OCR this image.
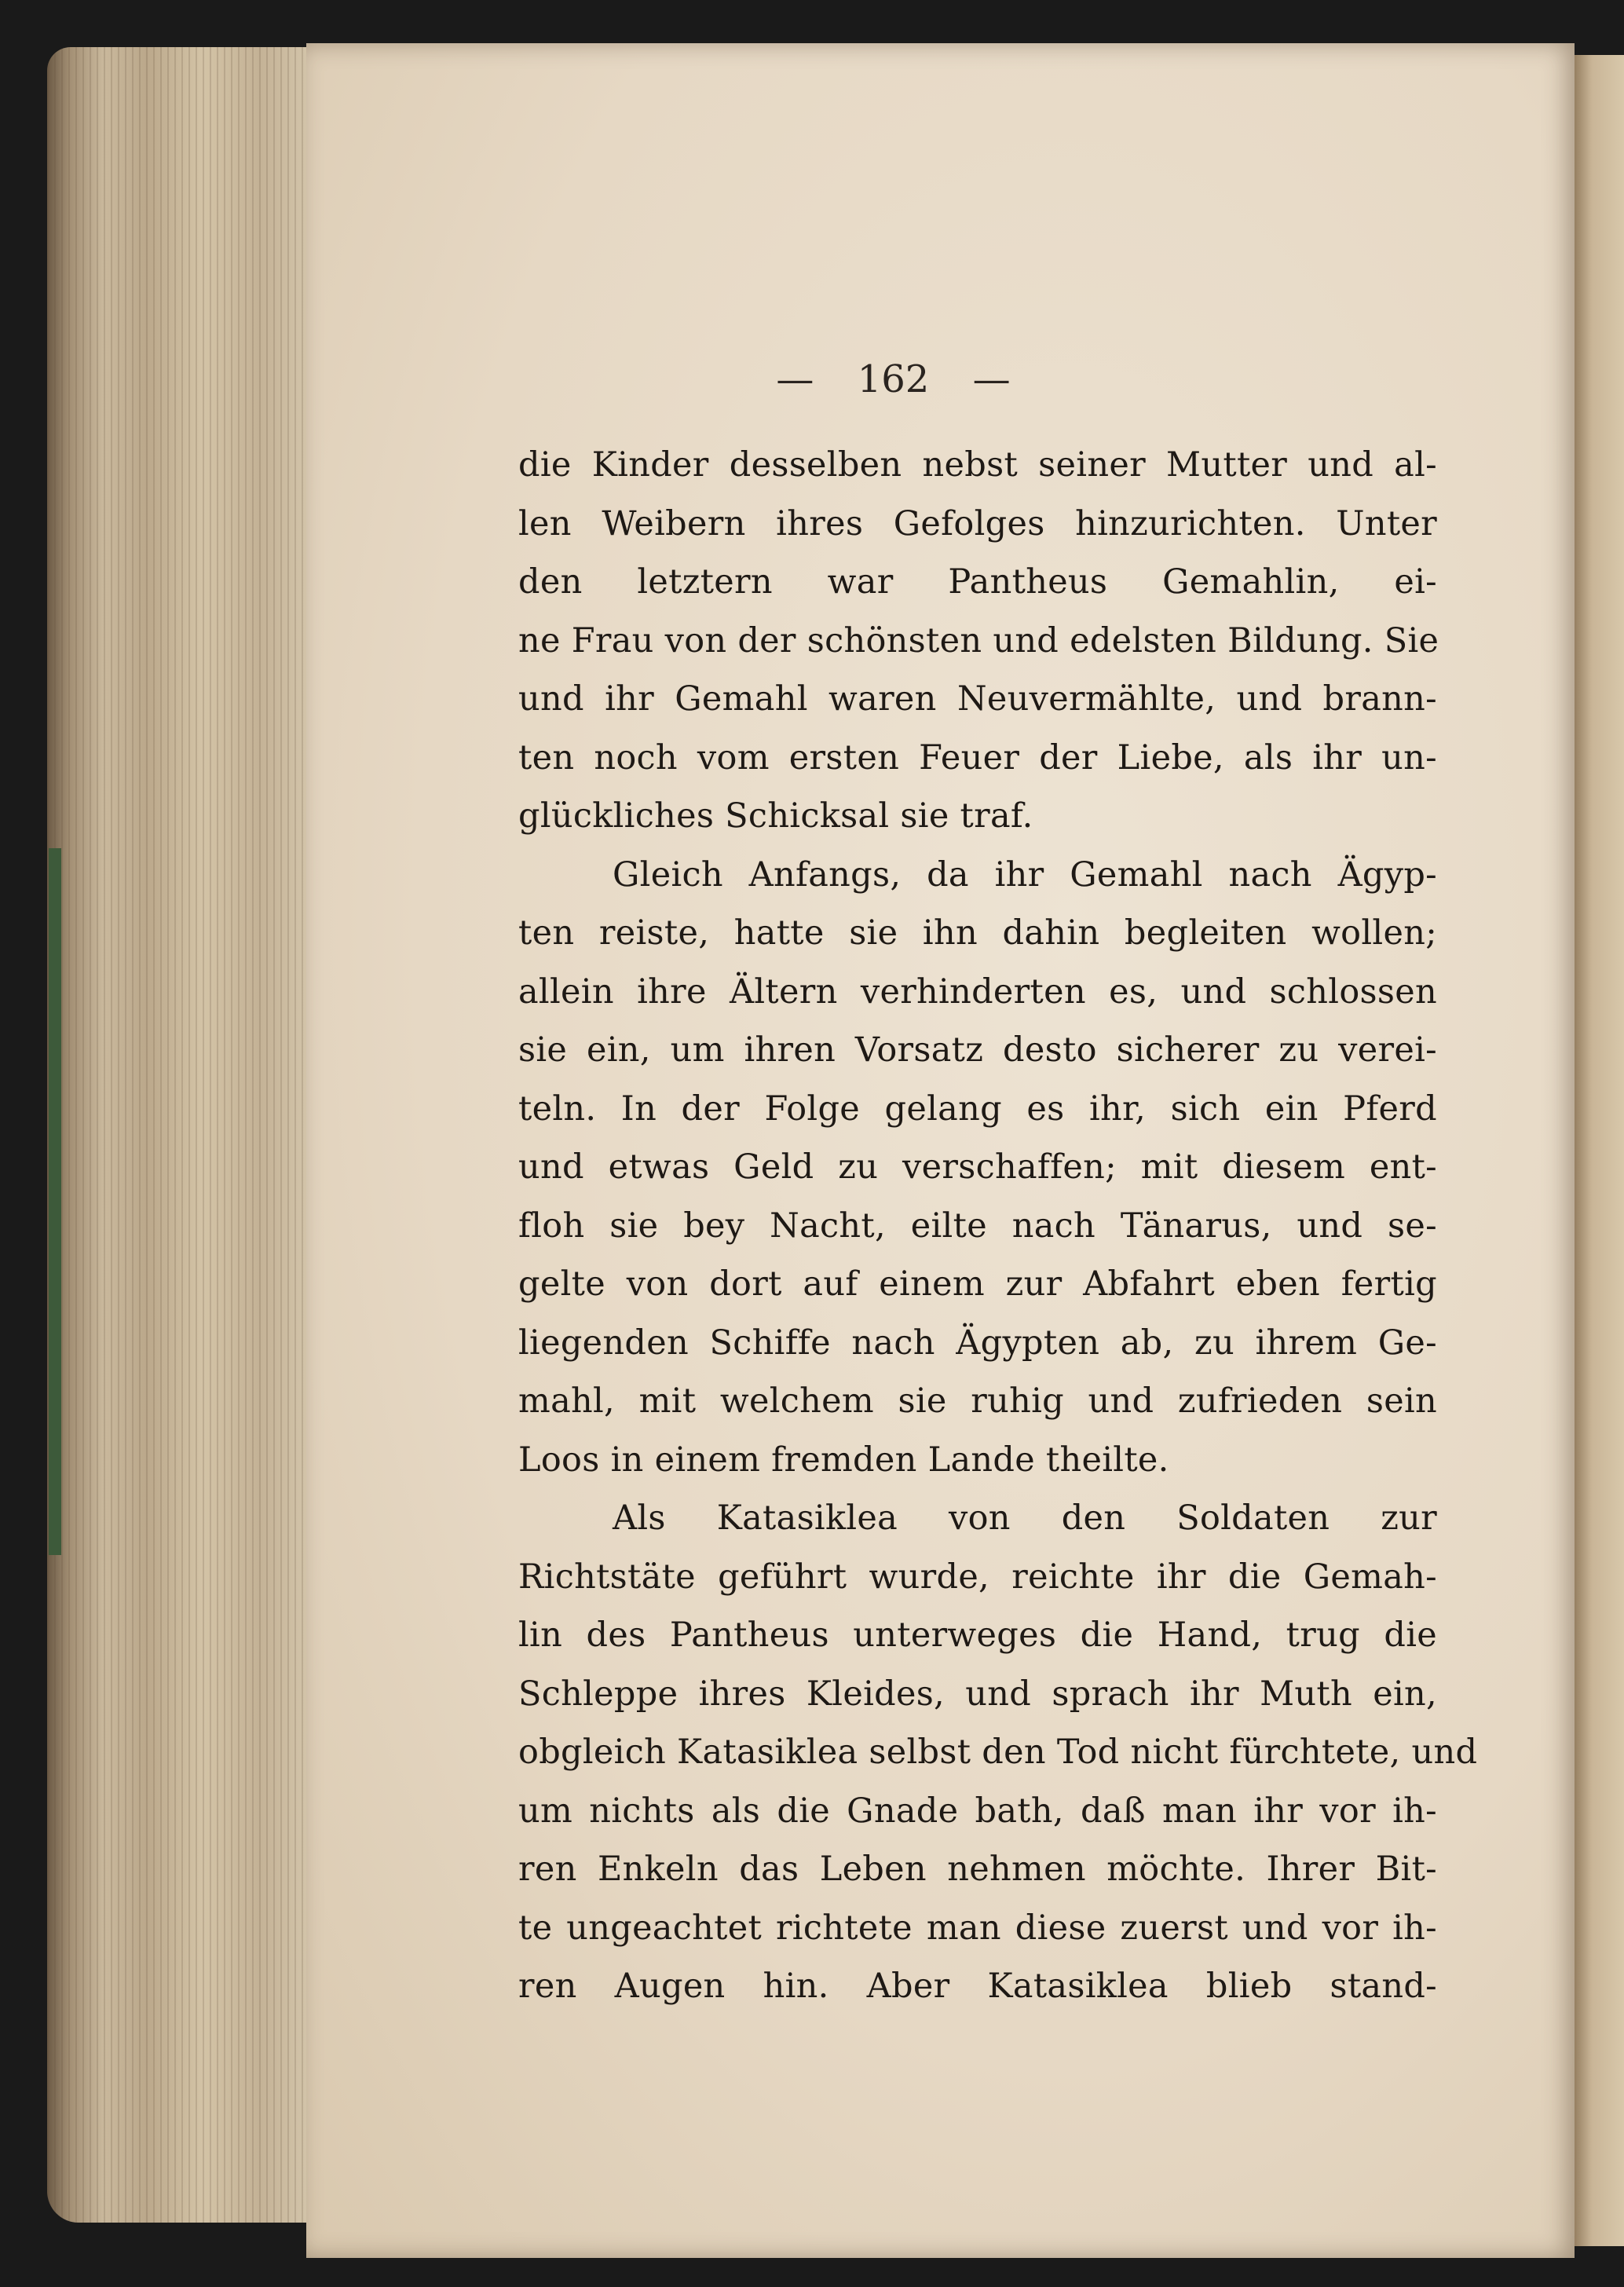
— 162 —
die Kinder desselben nebst seiner Mutter und al-
len Weibern ihres Gefolges hinzurichten. Unter
den letztern war Pantheus Gemahlin, ei-
ne Frau von der schönsten und edelsten Bildung. Sie
und ihr Gemahl waren Neuvermählte, und brann-
ten noch vom ersten Feuer der Liebe, als ihr un-
glückliches Schicksal sie traf.
Gleich Anfangs, da ihr Gemahl nach Ägyp-
ten reiste, hatte sie ihn dahin begleiten wollen;
allein ihre Ältern verhinderten es, und schlossen
sie ein, um ihren Vorsatz desto sicherer zu verei-
teln. In der Folge gelang es ihr, sich ein Pferd
und etwas Geld zu verschaffen; mit diesem ent-
floh sie bey Nacht, eilte nach Tänarus, und se-
gelte von dort auf einem zur Abfahrt eben fertig
liegenden Schiffe nach Ägypten ab, zu ihrem Ge-
mahl, mit welchem sie ruhig und zufrieden sein
Loos in einem fremden Lande theilte.
Als Katasiklea von den Soldaten zur
Richtstäte geführt wurde, reichte ihr die Gemah-
lin des Pantheus unterweges die Hand, trug die
Schleppe ihres Kleides, und sprach ihr Muth ein,
obgleich Katasiklea selbst den Tod nicht fürchtete, und
um nichts als die Gnade bath, daß man ihr vor ih-
ren Enkeln das Leben nehmen möchte. Ihrer Bit-
te ungeachtet richtete man diese zuerst und vor ih-
ren Augen hin. Aber Katasiklea blieb stand-
